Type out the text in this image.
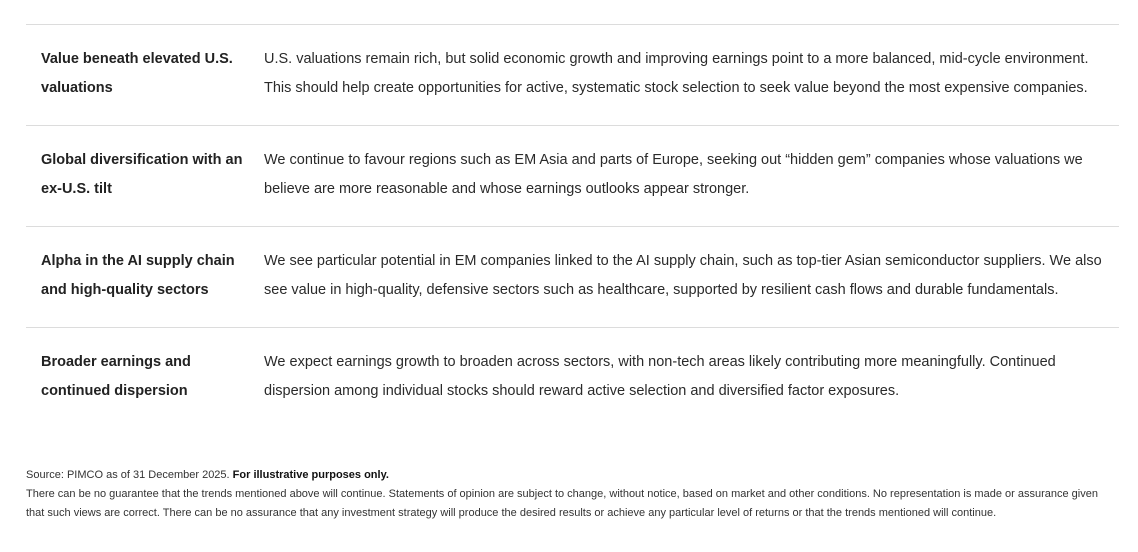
Value beneath elevated U.S. valuations
U.S. valuations remain rich, but solid economic growth and improving earnings point to a more balanced, mid-cycle environment. This should help create opportunities for active, systematic stock selection to seek value beyond the most expensive companies.
Global diversification with an ex-U.S. tilt
We continue to favour regions such as EM Asia and parts of Europe, seeking out “hidden gem” companies whose valuations we believe are more reasonable and whose earnings outlooks appear stronger.
Alpha in the AI supply chain and high-quality sectors
We see particular potential in EM companies linked to the AI supply chain, such as top-tier Asian semiconductor suppliers. We also see value in high-quality, defensive sectors such as healthcare, supported by resilient cash flows and durable fundamentals.
Broader earnings and continued dispersion
We expect earnings growth to broaden across sectors, with non-tech areas likely contributing more meaningfully. Continued dispersion among individual stocks should reward active selection and diversified factor exposures.
Source: PIMCO as of 31 December 2025. For illustrative purposes only.
There can be no guarantee that the trends mentioned above will continue. Statements of opinion are subject to change, without notice, based on market and other conditions. No representation is made or assurance given that such views are correct. There can be no assurance that any investment strategy will produce the desired results or achieve any particular level of returns or that the trends mentioned will continue.
